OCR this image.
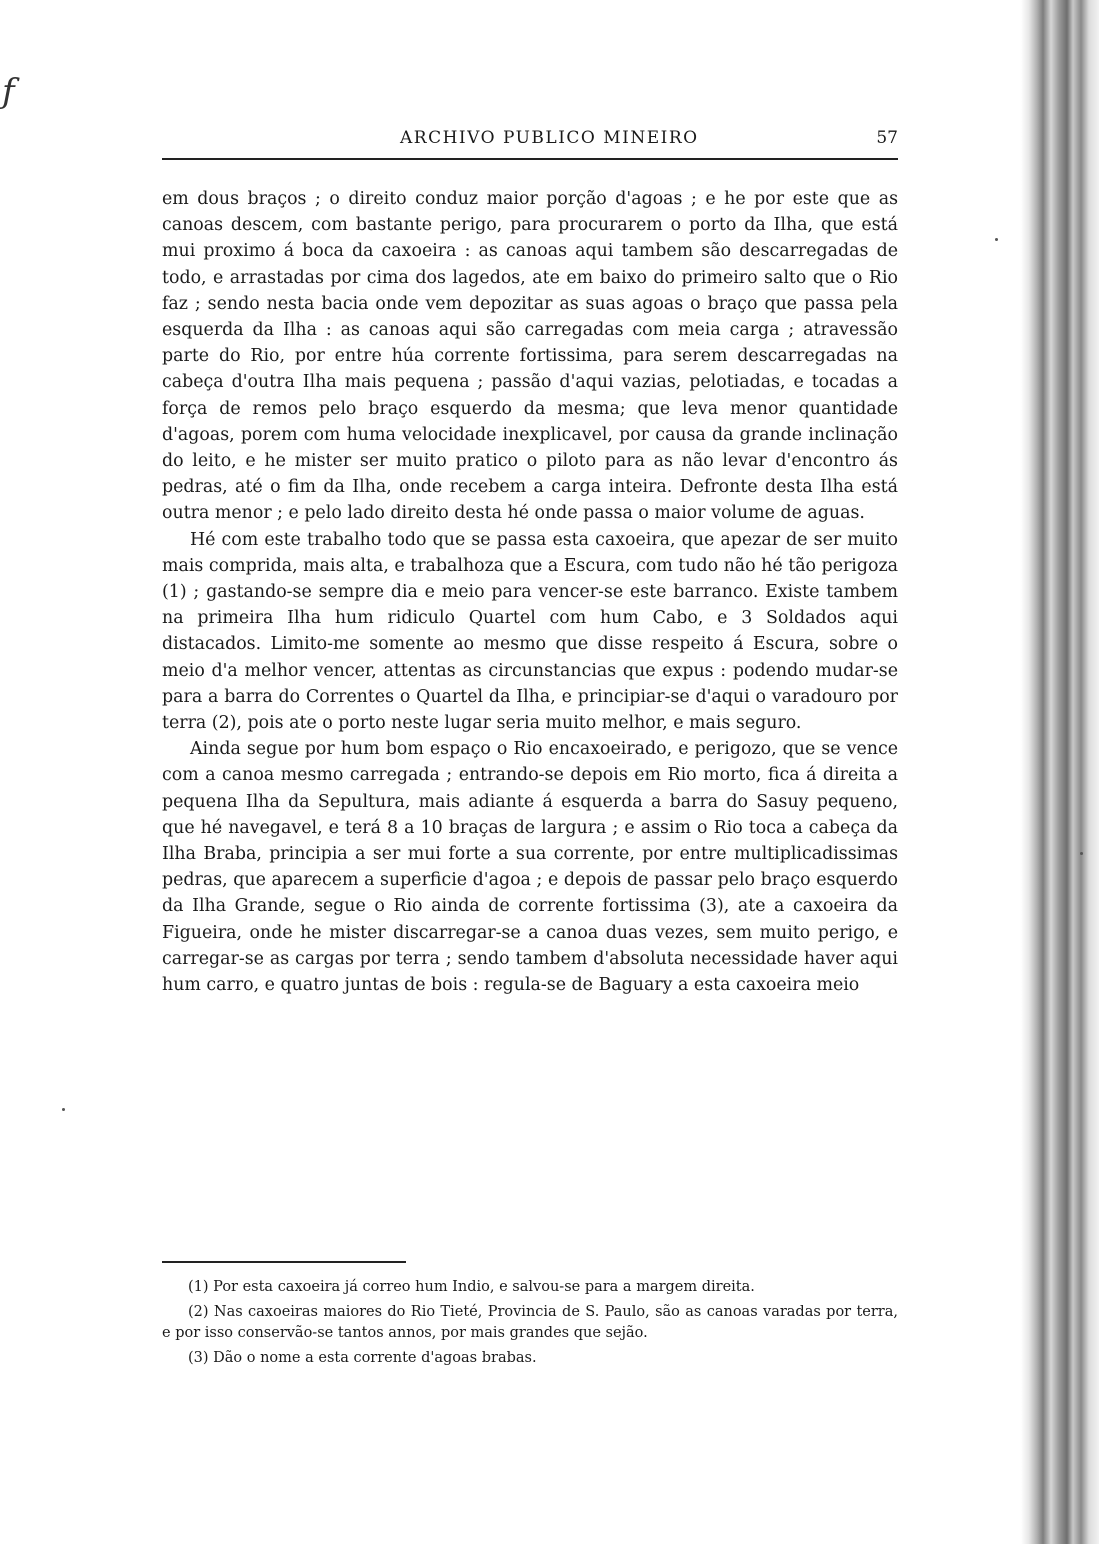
ƒ
ARCHIVO PUBLICO MINEIRO	57

em dous braços ; o direito conduz maior porção d'agoas ; e he por este que as canoas descem, com bastante perigo, para procurarem o porto da Ilha, que está mui proximo á boca da caxoeira : as canoas aqui tambem são descarregadas de todo, e arrastadas por cima dos lagedos, ate em baixo do primeiro salto que o Rio faz ; sendo nesta bacia onde vem depozitar as suas agoas o braço que passa pela esquerda da Ilha : as canoas aqui são carregadas com meia carga ; atravessão parte do Rio, por entre húa corrente fortissima, para serem descarregadas na cabeça d'outra Ilha mais pequena ; passão d'aqui vazias, pelotiadas, e tocadas a força de remos pelo braço esquerdo da mesma; que leva menor quantidade d'agoas, porem com huma velocidade inexplicavel, por causa da grande inclinação do leito, e he mister ser muito pratico o piloto para as não levar d'encontro ás pedras, até o fim da Ilha, onde recebem a carga inteira. Defronte desta Ilha está outra menor ; e pelo lado direito desta hé onde passa o maior volume de aguas.

Hé com este trabalho todo que se passa esta caxoeira, que apezar de ser muito mais comprida, mais alta, e trabalhoza que a Escura, com tudo não hé tão perigoza (1) ; gastando-se sempre dia e meio para vencer-se este barranco. Existe tambem na primeira Ilha hum ridiculo Quartel com hum Cabo, e 3 Soldados aqui distacados. Limito-me somente ao mesmo que disse respeito á Escura, sobre o meio d'a melhor vencer, attentas as circunstancias que expus : podendo mudar-se para a barra do Correntes o Quartel da Ilha, e principiar-se d'aqui o varadouro por terra (2), pois ate o porto neste lugar seria muito melhor, e mais seguro.

Ainda segue por hum bom espaço o Rio encaxoeirado, e perigozo, que se vence com a canoa mesmo carregada ; entrando-se depois em Rio morto, fica á direita a pequena Ilha da Sepultura, mais adiante á esquerda a barra do Sasuy pequeno, que hé navegavel, e terá 8 a 10 braças de largura ; e assim o Rio toca a cabeça da Ilha Braba, principia a ser mui forte a sua corrente, por entre multiplicadissimas pedras, que aparecem a superficie d'agoa ; e depois de passar pelo braço esquerdo da Ilha Grande, segue o Rio ainda de corrente fortissima (3), ate a caxoeira da Figueira, onde he mister discarregar-se a canoa duas vezes, sem muito perigo, e carregar-se as cargas por terra ; sendo tambem d'absoluta necessidade haver aqui hum carro, e quatro juntas de bois : regula-se de Baguary a esta caxoeira meio

(1) Por esta caxoeira já correo hum Indio, e salvou-se para a margem direita.

(2) Nas caxoeiras maiores do Rio Tieté, Provincia de S. Paulo, são as canoas varadas por terra, e por isso conservão-se tantos annos, por mais grandes que sejão.

(3) Dão o nome a esta corrente d'agoas brabas.
